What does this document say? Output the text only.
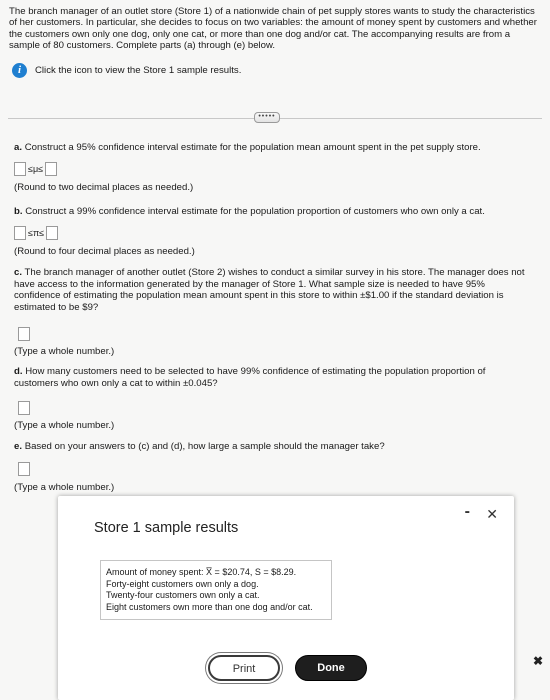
The branch manager of an outlet store (Store 1) of a nationwide chain of pet supply stores wants to study the characteristics of her customers. In particular, she decides to focus on two variables: the amount of money spent by customers and whether the customers own only one dog, only one cat, or more than one dog and/or cat. The accompanying results are from a sample of 80 customers. Complete parts (a) through (e) below.
i	Click the icon to view the Store 1 sample results.
•••••
a. Construct a 95% confidence interval estimate for the population mean amount spent in the pet supply store.
≤μ≤
(Round to two decimal places as needed.)
b. Construct a 99% confidence interval estimate for the population proportion of customers who own only a cat.
≤π≤
(Round to four decimal places as needed.)
c. The branch manager of another outlet (Store 2) wishes to conduct a similar survey in his store. The manager does not have access to the information generated by the manager of Store 1. What sample size is needed to have 95% confidence of estimating the population mean amount spent in this store to within ±$1.00 if the standard deviation is estimated to be $9?
(Type a whole number.)
d. How many customers need to be selected to have 99% confidence of estimating the population proportion of customers who own only a cat to within ±0.045?
(Type a whole number.)
e. Based on your answers to (c) and (d), how large a sample should the manager take?
(Type a whole number.)
Store 1 sample results
- ✕
Amount of money spent: X̅ = $20.74, S = $8.29.
Forty-eight customers own only a dog.
Twenty-four customers own only a cat.
Eight customers own more than one dog and/or cat.
Print	Done	✖
